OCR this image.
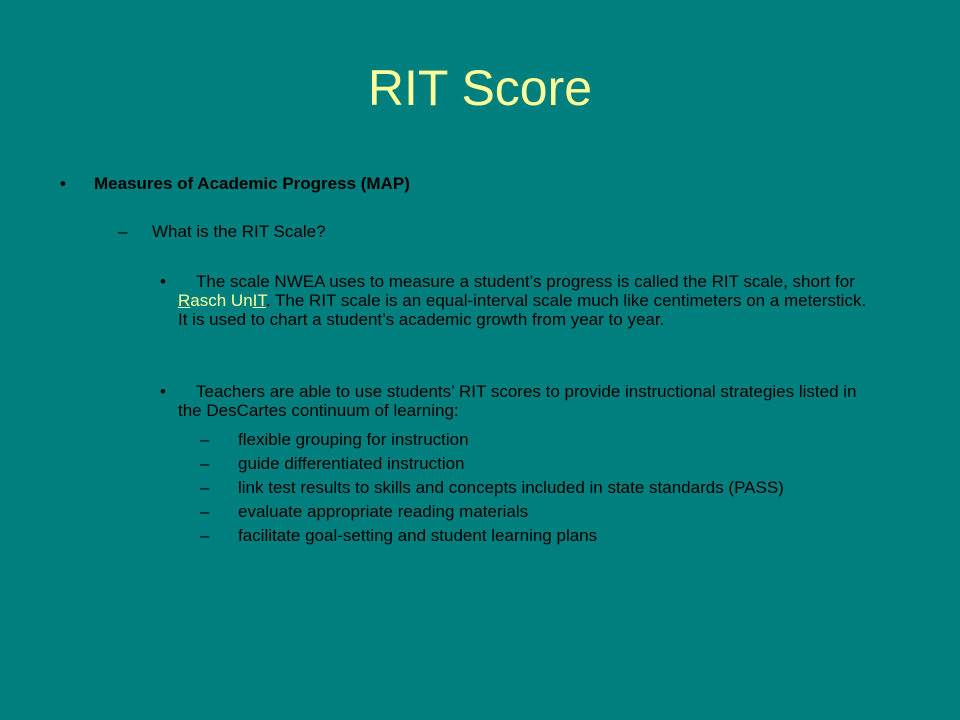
RIT Score
• Measures of Academic Progress (MAP)
– What is the RIT Scale?
•	The scale NWEA uses to measure a student’s progress is called the RIT scale, short for Rasch UnIT. The RIT scale is an equal-interval scale much like centimeters on a meterstick. It is used to chart a student’s academic growth from year to year.
•	Teachers are able to use students’ RIT scores to provide instructional strategies listed in the DesCartes continuum of learning:
–	flexible grouping for instruction
–	guide differentiated instruction
–	link test results to skills and concepts included in state standards (PASS)
–	evaluate appropriate reading materials
–	facilitate goal-setting and student learning plans
